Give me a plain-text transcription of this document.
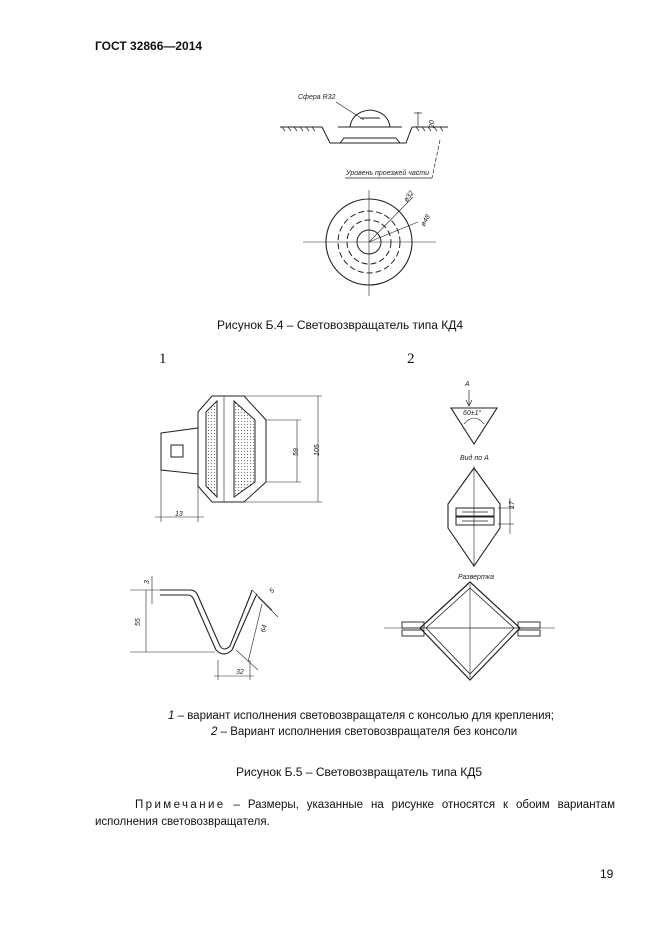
ГОСТ 32866—2014
Сфера R32
20
Уровень проезжей части
ø32
ø48
59 105
13
3
55
64
32
5
А
60±1°
Вид по А
17
Развертка
Рисунок Б.4 – Световозвращатель типа КД4
1	2
1 – вариант исполнения световозвращателя с консолью для крепления;
2 – Вариант исполнения световозвращателя без консоли
Рисунок Б.5 – Световозвращатель типа КД5
Примечание – Размеры, указанные на рисунке относятся к обоим вариантам исполнения световозвращателя.
19
